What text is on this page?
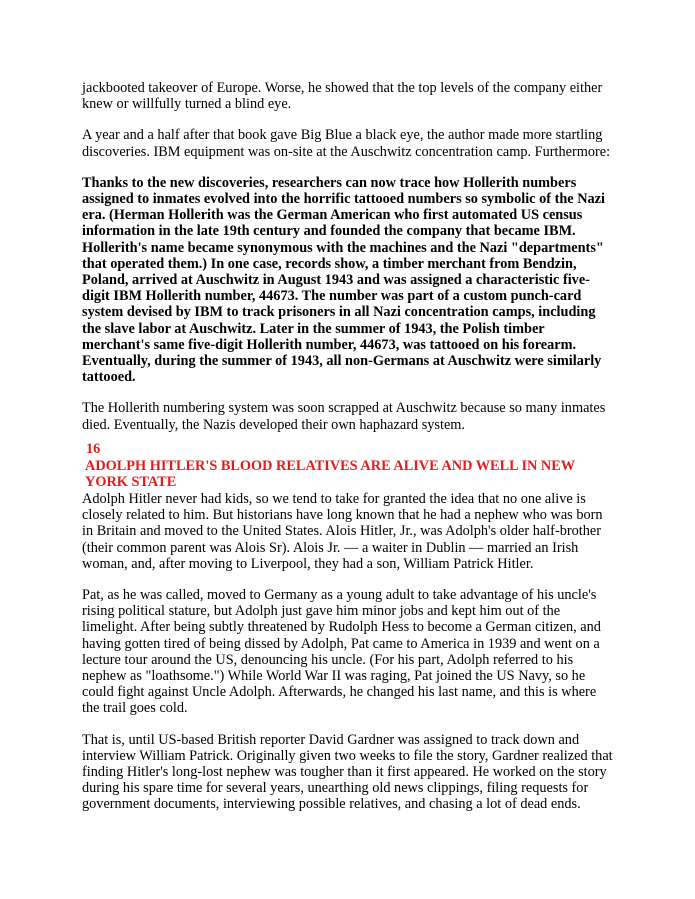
jackbooted takeover of Europe. Worse, he showed that the top levels of the company either knew or willfully turned a blind eye.

A year and a half after that book gave Big Blue a black eye, the author made more startling discoveries. IBM equipment was on-site at the Auschwitz concentration camp. Furthermore:

Thanks to the new discoveries, researchers can now trace how Hollerith numbers assigned to inmates evolved into the horrific tattooed numbers so symbolic of the Nazi era. (Herman Hollerith was the German American who first automated US census information in the late 19th century and founded the company that became IBM. Hollerith's name became synonymous with the machines and the Nazi "departments" that operated them.) In one case, records show, a timber merchant from Bendzin, Poland, arrived at Auschwitz in August 1943 and was assigned a characteristic five-digit IBM Hollerith number, 44673. The number was part of a custom punch-card system devised by IBM to track prisoners in all Nazi concentration camps, including the slave labor at Auschwitz. Later in the summer of 1943, the Polish timber merchant's same five-digit Hollerith number, 44673, was tattooed on his forearm. Eventually, during the summer of 1943, all non-Germans at Auschwitz were similarly tattooed.

The Hollerith numbering system was soon scrapped at Auschwitz because so many inmates died. Eventually, the Nazis developed their own haphazard system.

16
ADOLPH HITLER'S BLOOD RELATIVES ARE ALIVE AND WELL IN NEW YORK STATE

Adolph Hitler never had kids, so we tend to take for granted the idea that no one alive is closely related to him. But historians have long known that he had a nephew who was born in Britain and moved to the United States. Alois Hitler, Jr., was Adolph's older half-brother (their common parent was Alois Sr). Alois Jr. — a waiter in Dublin — married an Irish woman, and, after moving to Liverpool, they had a son, William Patrick Hitler.

Pat, as he was called, moved to Germany as a young adult to take advantage of his uncle's rising political stature, but Adolph just gave him minor jobs and kept him out of the limelight. After being subtly threatened by Rudolph Hess to become a German citizen, and having gotten tired of being dissed by Adolph, Pat came to America in 1939 and went on a lecture tour around the US, denouncing his uncle. (For his part, Adolph referred to his nephew as "loathsome.") While World War II was raging, Pat joined the US Navy, so he could fight against Uncle Adolph. Afterwards, he changed his last name, and this is where the trail goes cold.

That is, until US-based British reporter David Gardner was assigned to track down and interview William Patrick. Originally given two weeks to file the story, Gardner realized that finding Hitler's long-lost nephew was tougher than it first appeared. He worked on the story during his spare time for several years, unearthing old news clippings, filing requests for government documents, interviewing possible relatives, and chasing a lot of dead ends.
